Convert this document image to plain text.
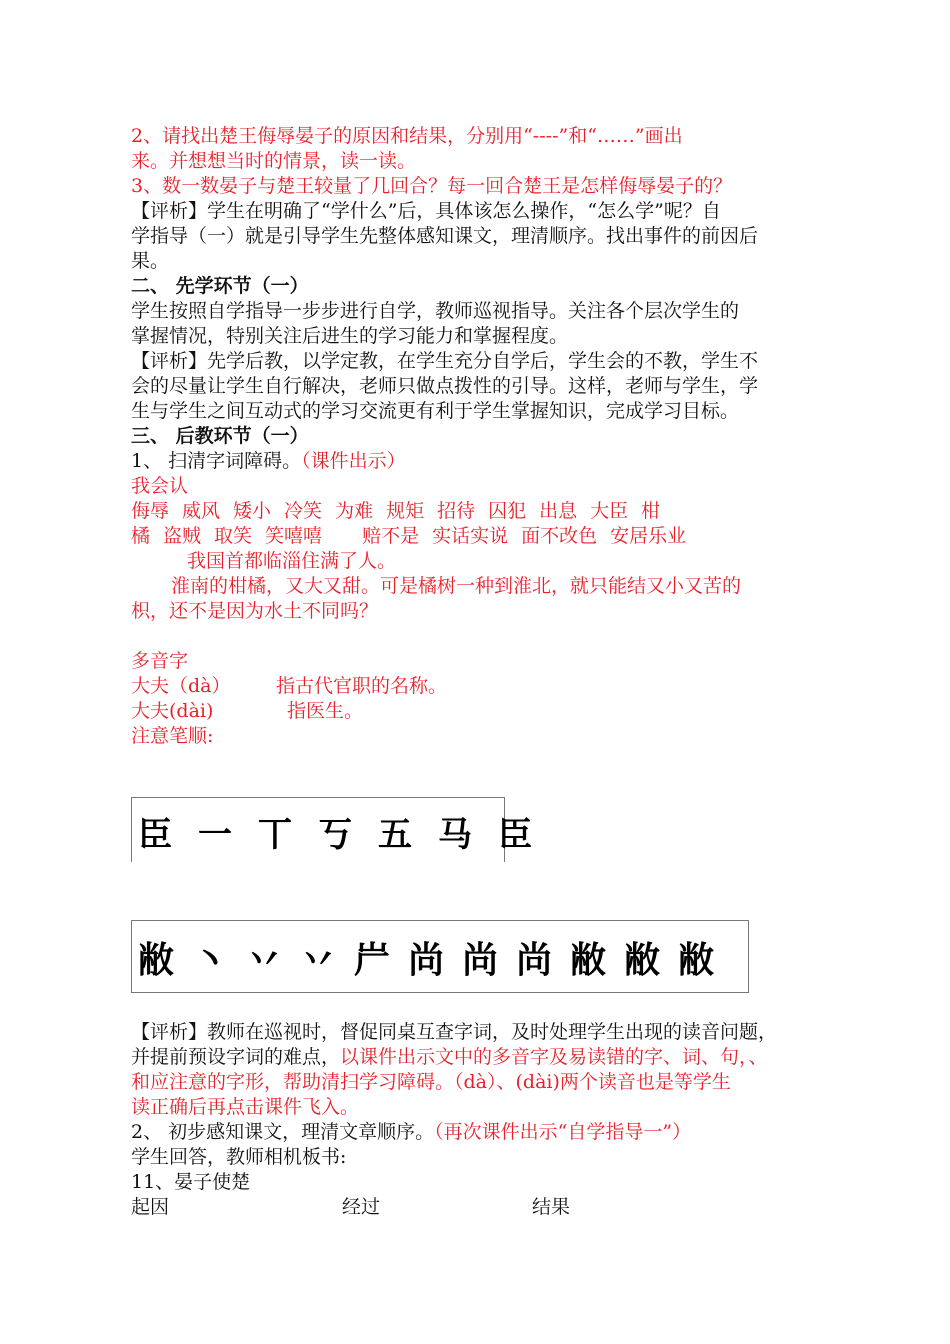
2、请找出楚王侮辱晏子的原因和结果，分别用“----”和“……”画出
来。并想想当时的情景，读一读。
3、数一数晏子与楚王较量了几回合？每一回合楚王是怎样侮辱晏子的？
【评析】学生在明确了“学什么”后，具体该怎么操作，“怎么学”呢？自
学指导（一）就是引导学生先整体感知课文，理清顺序。找出事件的前因后
果。
二、 先学环节（一）
学生按照自学指导一步步进行自学，教师巡视指导。关注各个层次学生的
掌握情况，特别关注后进生的学习能力和掌握程度。
【评析】先学后教，以学定教，在学生充分自学后，学生会的不教，学生不
会的尽量让学生自行解决，老师只做点拨性的引导。这样，老师与学生，学
生与学生之间互动式的学习交流更有利于学生掌握知识，完成学习目标。
三、 后教环节（一）
1、 扫清字词障碍。（课件出示）
我会认
侮辱 威风 矮小 冷笑 为难 规矩 招待 囚犯 出息 大臣 柑
橘 盗贼 取笑 笑嘻嘻 赔不是 实话实说 面不改色 安居乐业
我国首都临淄住满了人。
淮南的柑橘，又大又甜。可是橘树一种到淮北，就只能结又小又苦的
枳，还不是因为水土不同吗？
多音字
大夫（dà） 指古代官职的名称。
大夫(dài)	指医生。
注意笔顺:
臣 一 丅 丂 五 马 臣
敝 丶 丷 丷 屵 尚 尚 尚 敝 敝 敝
【评析】教师在巡视时，督促同桌互查字词，及时处理学生出现的读音问题，
并提前预设字词的难点，以课件出示文中的多音字及易读错的字、词、句，、
和应注意的字形，帮助清扫学习障碍。（dà）、(dài)两个读音也是等学生
读正确后再点击课件飞入。
2、 初步感知课文，理清文章顺序。（再次课件出示“自学指导一”）
学生回答，教师相机板书:
11、晏子使楚
起因	经过	结果
